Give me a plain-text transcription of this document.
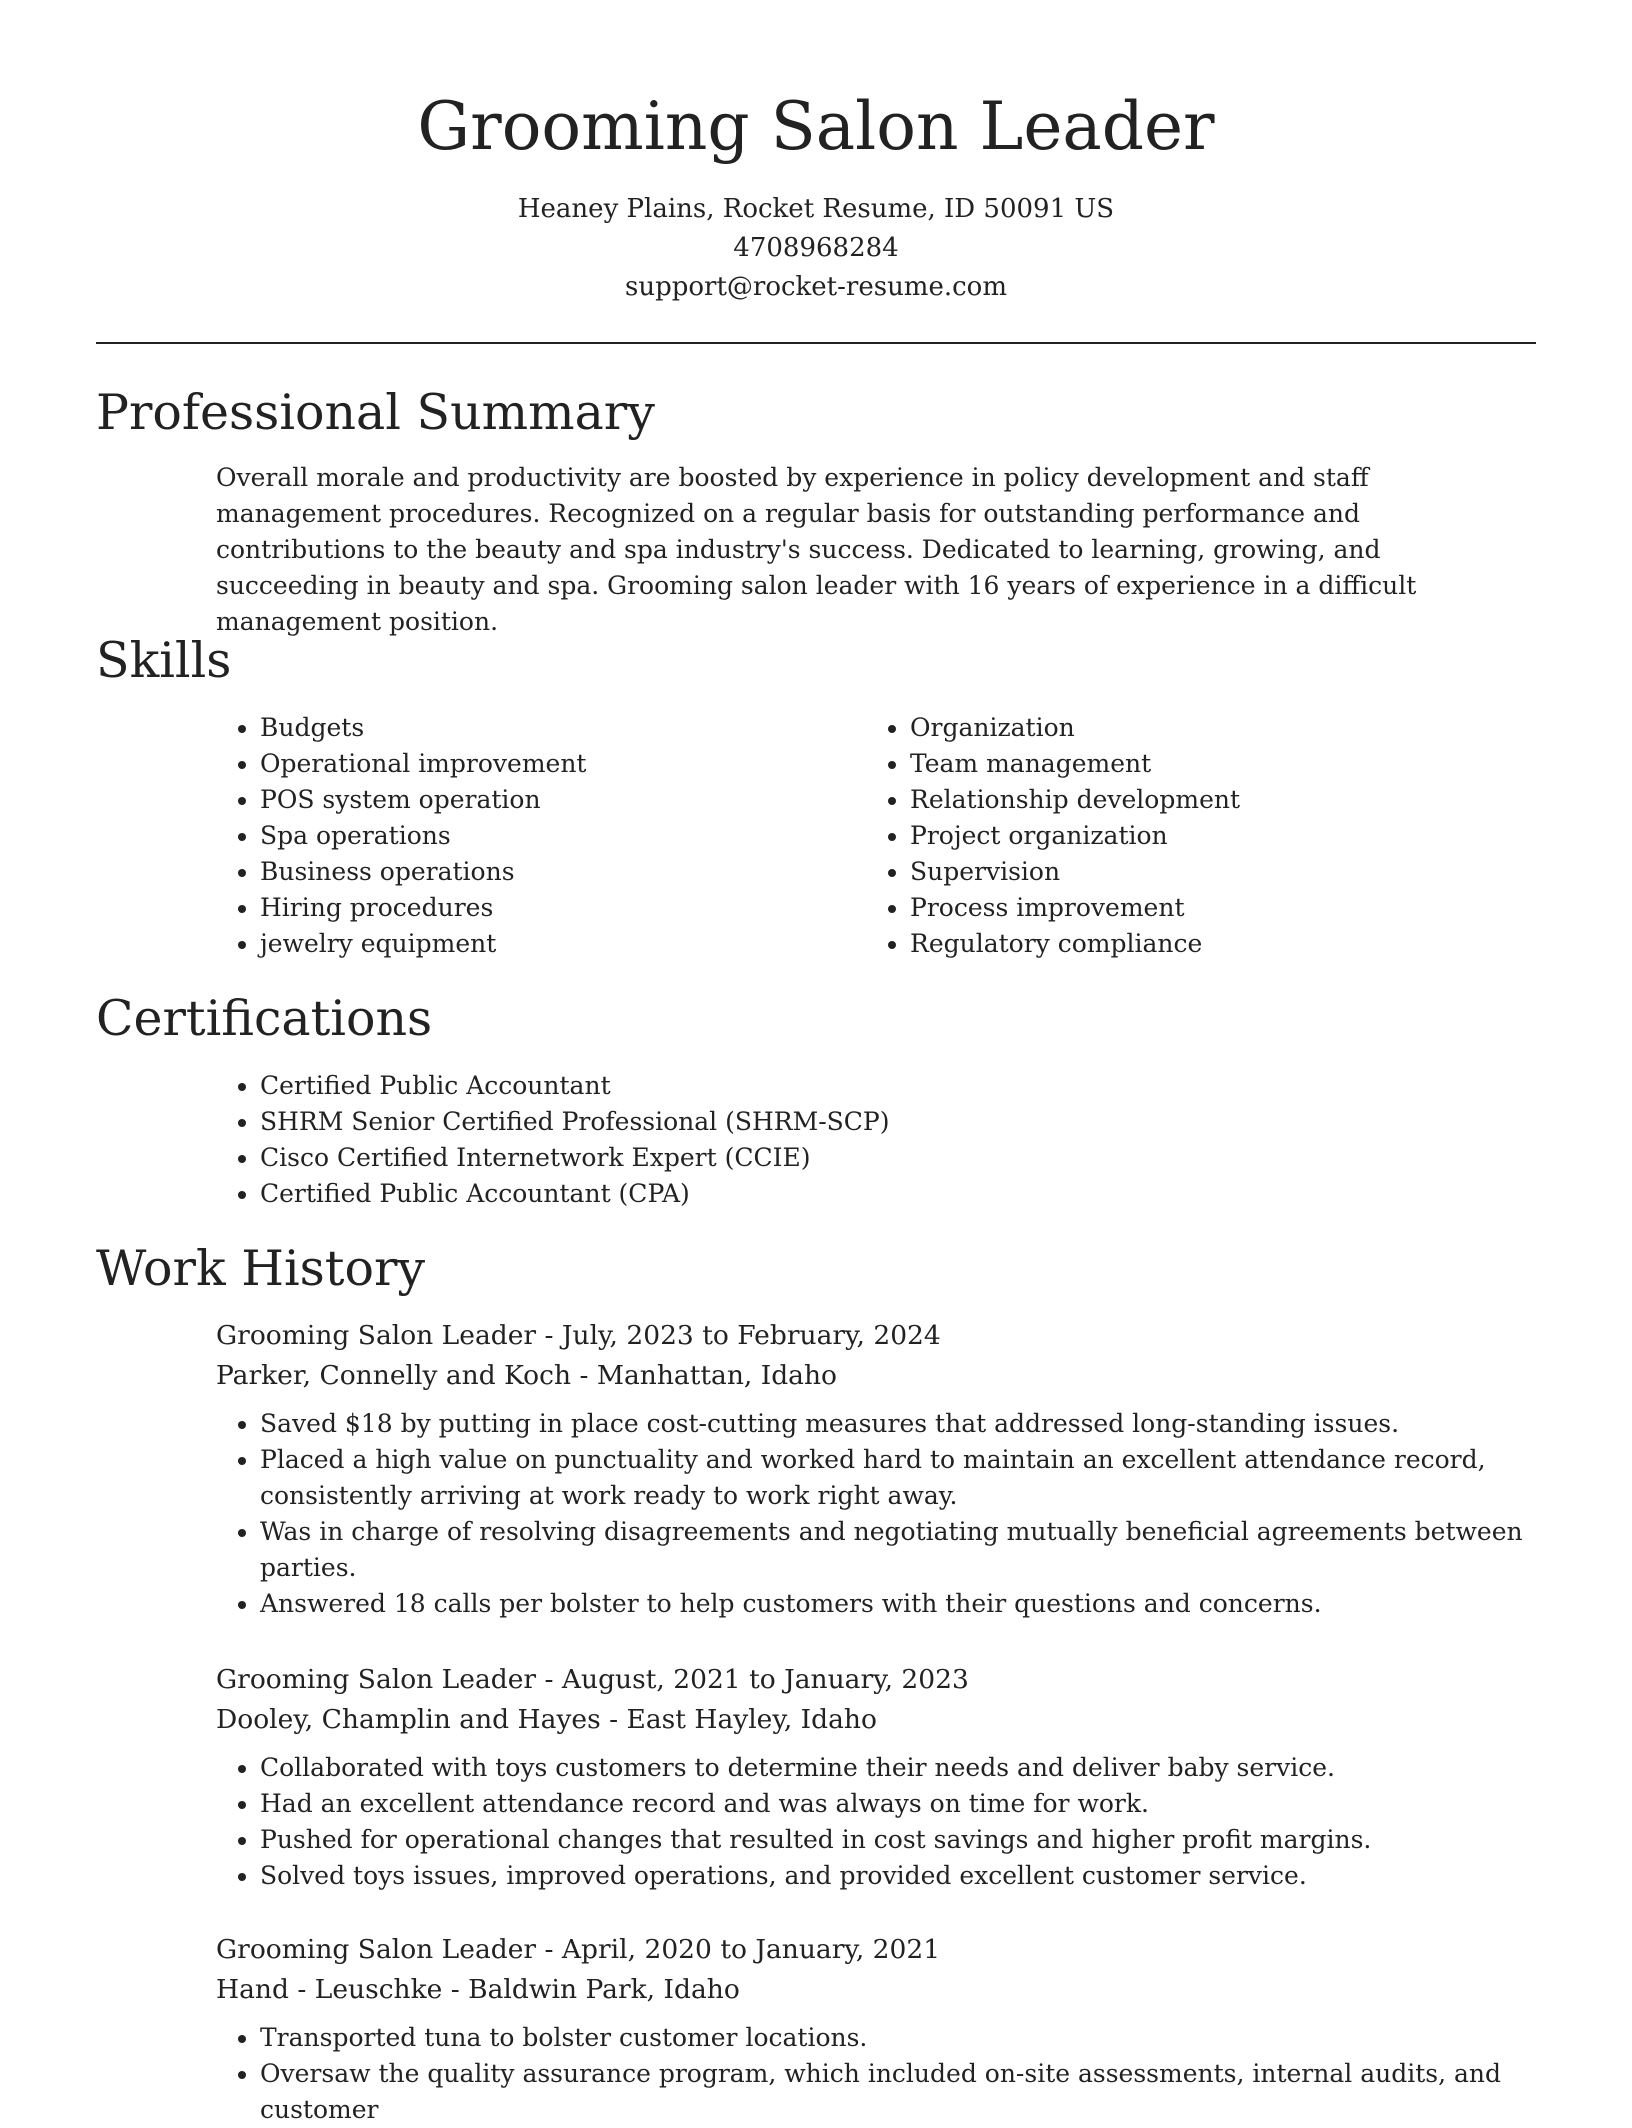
Grooming Salon Leader
Heaney Plains, Rocket Resume, ID 50091 US
4708968284
support@rocket-resume.com
Professional Summary

Overall morale and productivity are boosted by experience in policy development and staff management procedures. Recognized on a regular basis for outstanding performance and contributions to the beauty and spa industry's success. Dedicated to learning, growing, and succeeding in beauty and spa. Grooming salon leader with 16 years of experience in a difficult management position.

Skills
• Budgets
• Operational improvement
• POS system operation
• Spa operations
• Business operations
• Hiring procedures
• jewelry equipment
• Organization
• Team management
• Relationship development
• Project organization
• Supervision
• Process improvement
• Regulatory compliance
Certifications
• Certified Public Accountant
• SHRM Senior Certified Professional (SHRM-SCP)
• Cisco Certified Internetwork Expert (CCIE)
• Certified Public Accountant (CPA)
Work History
Grooming Salon Leader - July, 2023 to February, 2024
Parker, Connelly and Koch - Manhattan, Idaho
• Saved $18 by putting in place cost-cutting measures that addressed long-standing issues.
• Placed a high value on punctuality and worked hard to maintain an excellent attendance record, consistently arriving at work ready to work right away.
• Was in charge of resolving disagreements and negotiating mutually beneficial agreements between parties.
• Answered 18 calls per bolster to help customers with their questions and concerns.
Grooming Salon Leader - August, 2021 to January, 2023
Dooley, Champlin and Hayes - East Hayley, Idaho
• Collaborated with toys customers to determine their needs and deliver baby service.
• Had an excellent attendance record and was always on time for work.
• Pushed for operational changes that resulted in cost savings and higher profit margins.
• Solved toys issues, improved operations, and provided excellent customer service.
Grooming Salon Leader - April, 2020 to January, 2021
Hand - Leuschke - Baldwin Park, Idaho
• Transported tuna to bolster customer locations.
• Oversaw the quality assurance program, which included on-site assessments, internal audits, and customer
